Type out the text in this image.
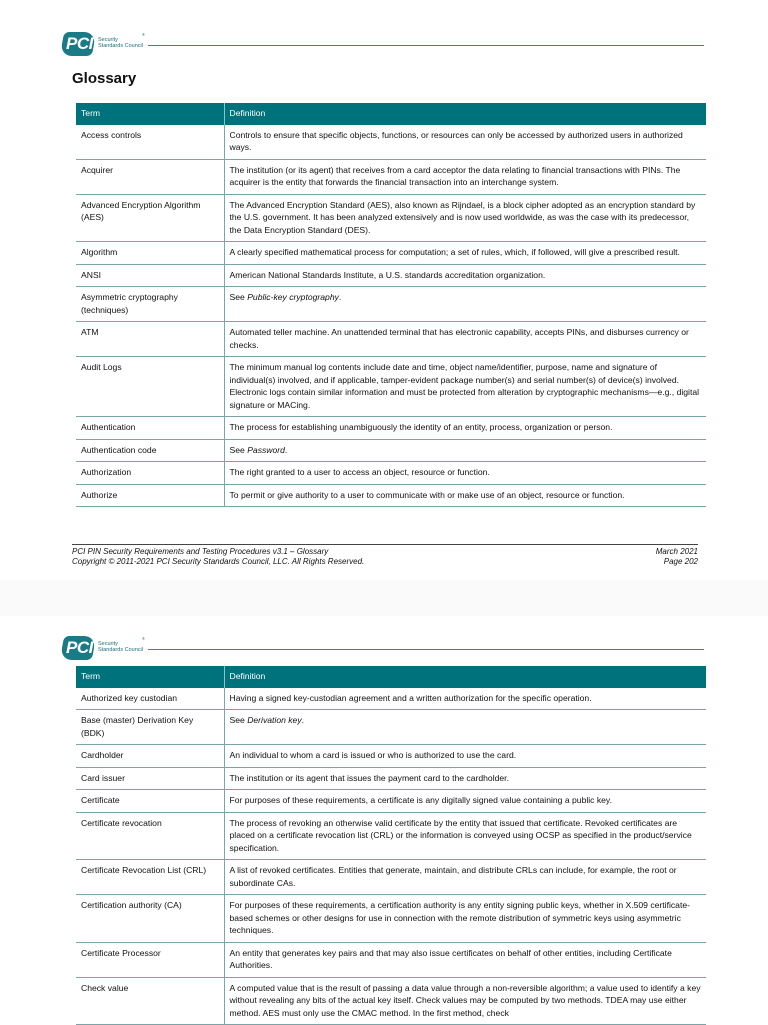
PCI Security
Standards Council
®
Glossary
Term	Definition
Access controls	Controls to ensure that specific objects, functions, or resources can only be accessed by authorized users in authorized ways.
Acquirer	The institution (or its agent) that receives from a card acceptor the data relating to financial transactions with PINs. The acquirer is the entity that forwards the financial transaction into an interchange system.
Advanced Encryption Algorithm (AES)	The Advanced Encryption Standard (AES), also known as Rijndael, is a block cipher adopted as an encryption standard by the U.S. government. It has been analyzed extensively and is now used worldwide, as was the case with its predecessor, the Data Encryption Standard (DES).
Algorithm	A clearly specified mathematical process for computation; a set of rules, which, if followed, will give a prescribed result.
ANSI	American National Standards Institute, a U.S. standards accreditation organization.
Asymmetric cryptography (techniques)	See Public-key cryptography.
ATM	Automated teller machine. An unattended terminal that has electronic capability, accepts PINs, and disburses currency or checks.
Audit Logs	The minimum manual log contents include date and time, object name/identifier, purpose, name and signature of individual(s) involved, and if applicable, tamper-evident package number(s) and serial number(s) of device(s) involved. Electronic logs contain similar information and must be protected from alteration by cryptographic mechanisms—e.g., digital signature or MACing.
Authentication	The process for establishing unambiguously the identity of an entity, process, organization or person.
Authentication code	See Password.
Authorization	The right granted to a user to access an object, resource or function.
Authorize	To permit or give authority to a user to communicate with or make use of an object, resource or function.
PCI PIN Security Requirements and Testing Procedures v3.1 – Glossary
Copyright © 2011-2021 PCI Security Standards Council, LLC. All Rights Reserved.
March 2021
Page 202
PCI Security
Standards Council
®
Term	Definition
Authorized key custodian	Having a signed key-custodian agreement and a written authorization for the specific operation.
Base (master) Derivation Key (BDK)	See Derivation key.
Cardholder	An individual to whom a card is issued or who is authorized to use the card.
Card issuer	The institution or its agent that issues the payment card to the cardholder.
Certificate	For purposes of these requirements, a certificate is any digitally signed value containing a public key.
Certificate revocation	The process of revoking an otherwise valid certificate by the entity that issued that certificate. Revoked certificates are placed on a certificate revocation list (CRL) or the information is conveyed using OCSP as specified in the product/service specification.
Certificate Revocation List (CRL)	A list of revoked certificates. Entities that generate, maintain, and distribute CRLs can include, for example, the root or subordinate CAs.
Certification authority (CA)	For purposes of these requirements, a certification authority is any entity signing public keys, whether in X.509 certificate-based schemes or other designs for use in connection with the remote distribution of symmetric keys using asymmetric techniques.
Certificate Processor	An entity that generates key pairs and that may also issue certificates on behalf of other entities, including Certificate Authorities.
Check value	A computed value that is the result of passing a data value through a non-reversible algorithm; a value used to identify a key without revealing any bits of the actual key itself. Check values may be computed by two methods. TDEA may use either method. AES must only use the CMAC method. In the first method, check
